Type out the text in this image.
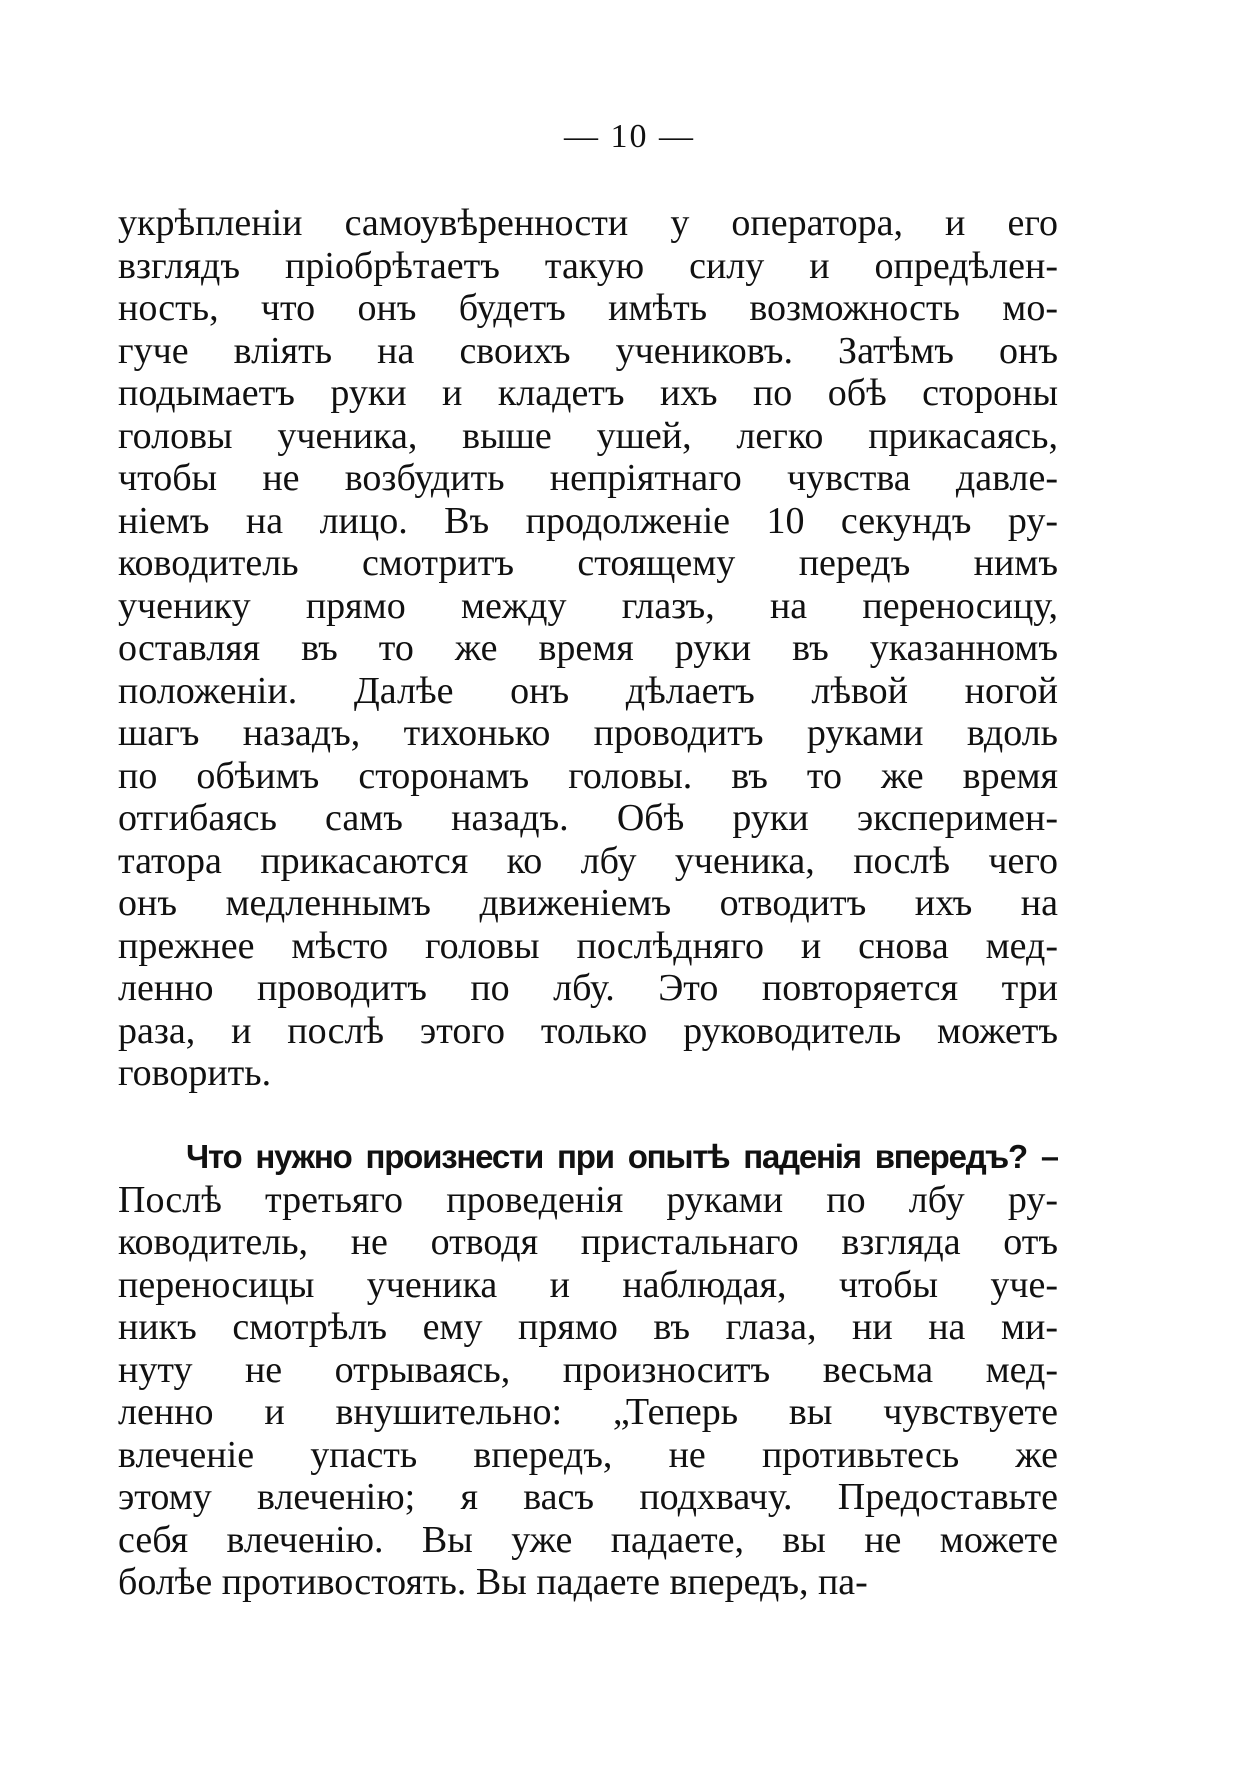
— 10 —
укрѣпленіи самоувѣренности у оператора, и его
взглядъ пріобрѣтаетъ такую силу и опредѣлен-
ность, что онъ будетъ имѣть возможность мо-
гуче влiять на своихъ учениковъ. Затѣмъ онъ
подымаетъ руки и кладетъ ихъ по обѣ стороны
головы ученика, выше ушей, легко прикасаясь,
чтобы не возбудить непріятнаго чувства давле-
ніемъ на лицо. Въ продолженіе 10 секундъ ру-
ководитель смотритъ стоящему передъ нимъ
ученику прямо между глазъ, на переносицу,
оставляя въ то же время руки въ указанномъ
положеніи. Далѣе онъ дѣлаетъ лѣвой ногой
шагъ назадъ, тихонько проводитъ руками вдоль
по обѣимъ сторонамъ головы. въ то же время
отгибаясь самъ назадъ. Обѣ руки эксперимен-
татора прикасаются ко лбу ученика, послѣ чего
онъ медленнымъ движеніемъ отводитъ ихъ на
прежнее мѣсто головы послѣдняго и снова мед-
ленно проводитъ по лбу. Это повторяется три
раза, и послѣ этого только руководитель можетъ
говорить.
Что нужно произнести при опытѣ паденія впередъ? –
Послѣ третьяго проведенія руками по лбу ру-
ководитель, не отводя пристальнаго взгляда отъ
переносицы ученика и наблюдая, чтобы уче-
никъ смотрѣлъ ему прямо въ глаза, ни на ми-
нуту не отрываясь, произноситъ весьма мед-
ленно и внушительно: „Теперь вы чувствуете
влеченіе упасть впередъ, не противьтесь же
этому влеченію; я васъ подхвачу. Предоставьте
себя влеченію. Вы уже падаете, вы не можете
болѣе противостоять. Вы падаете впередъ, па-
